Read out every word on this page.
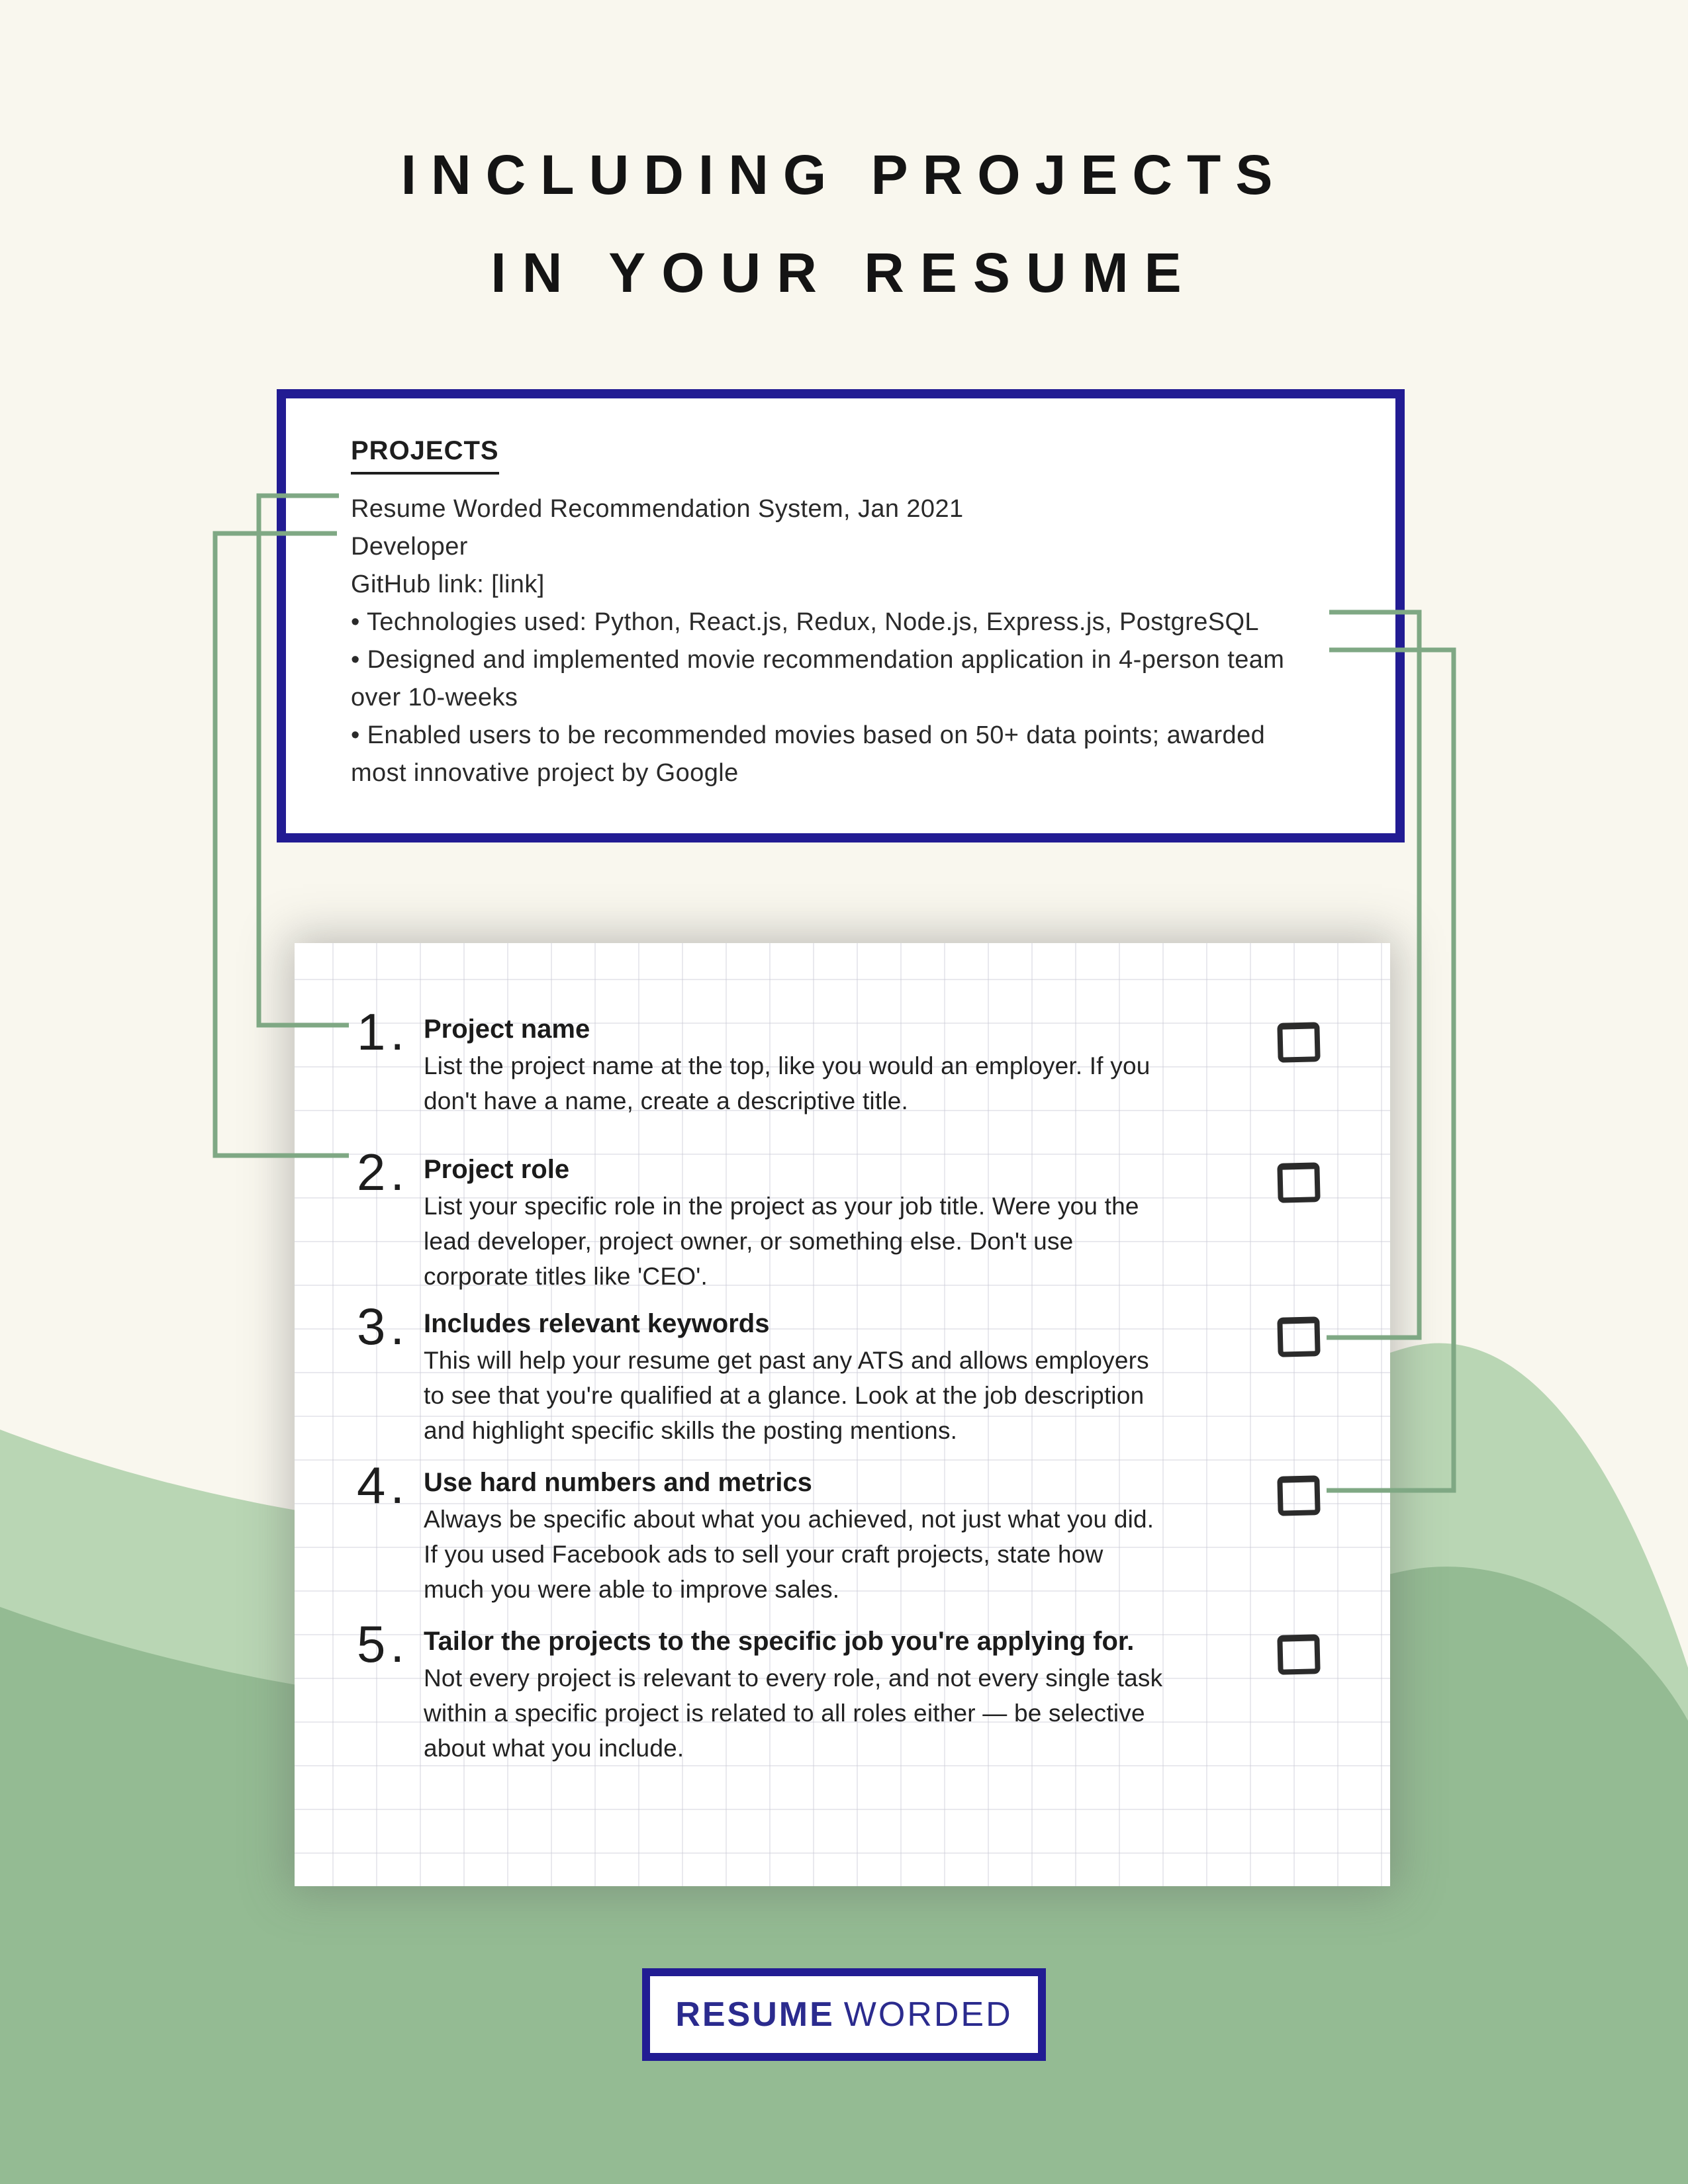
INCLUDING PROJECTS
IN YOUR RESUME
PROJECTS
Resume Worded Recommendation System, Jan 2021
Developer
GitHub link: [link]
• Technologies used: Python, React.js, Redux, Node.js, Express.js, PostgreSQL
• Designed and implemented movie recommendation application in 4-person team
over 10-weeks
• Enabled users to be recommended movies based on 50+ data points; awarded
most innovative project by Google
1. Project name
List the project name at the top, like you would an employer. If you
don't have a name, create a descriptive title.
2. Project role
List your specific role in the project as your job title. Were you the
lead developer, project owner, or something else. Don't use
corporate titles like 'CEO'.
3. Includes relevant keywords
This will help your resume get past any ATS and allows employers
to see that you're qualified at a glance. Look at the job description
and highlight specific skills the posting mentions.
4. Use hard numbers and metrics
Always be specific about what you achieved, not just what you did.
If you used Facebook ads to sell your craft projects, state how
much you were able to improve sales.
5. Tailor the projects to the specific job you're applying for.
Not every project is relevant to every role, and not every single task
within a specific project is related to all roles either — be selective
about what you include.
RESUME WORDED
